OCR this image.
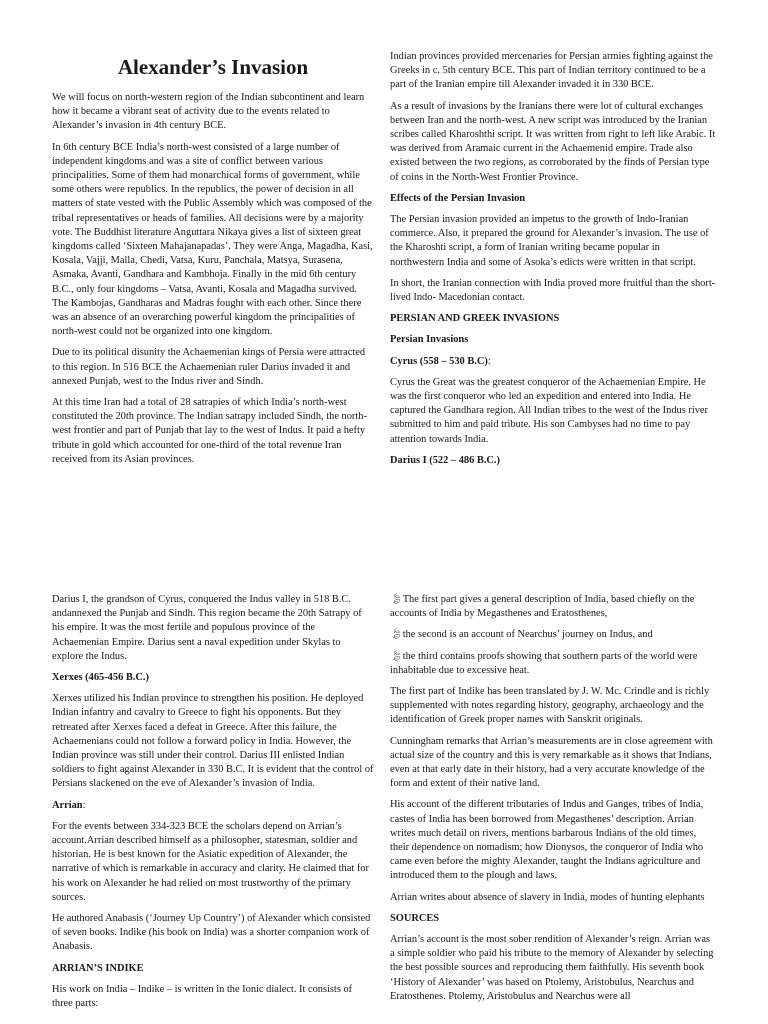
Alexander’s Invasion

We will focus on north-western region of the Indian subcontinent and learn how it became a vibrant seat of activity due to the events related to Alexander’s invasion in 4th century BCE.

In 6th century BCE India’s north-west consisted of a large number of independent kingdoms and was a site of conflict between various principalities. Some of them had monarchical forms of government, while some others were republics. In the republics, the power of decision in all matters of state vested with the Public Assembly which was composed of the tribal representatives or heads of families. All decisions were by a majority vote. The Buddhist literature Anguttara Nikaya gives a list of sixteen great kingdoms called ‘Sixteen Mahajanapadas’. They were Anga, Magadha, Kasi, Kosala, Vajji, Malla, Chedi, Vatsa, Kuru, Panchala, Matsya, Surasena, Asmaka, Avanti, Gandhara and Kambhoja. Finally in the mid 6th century B.C., only four kingdoms – Vatsa, Avanti, Kosala and Magadha survived. The Kambojas, Gandharas and Madras fought with each other. Since there was an absence of an overarching powerful kingdom the principalities of north-west could not be organized into one kingdom.

Due to its political disunity the Achaemenian kings of Persia were attracted to this region. In 516 BCE the Achaemenian ruler Darius invaded it and annexed Punjab, west to the Indus river and Sindh.

At this time Iran had a total of 28 satrapies of which India’s north-west constituted the 20th province. The Indian satrapy included Sindh, the north-west frontier and part of Punjab that lay to the west of Indus. It paid a hefty tribute in gold which accounted for one-third of the total revenue Iran received from its Asian provinces.

Indian provinces provided mercenaries for Persian armies fighting against the Greeks in c. 5th century BCE. This part of Indian territory continued to be a part of the Iranian empire till Alexander invaded it in 330 BCE.

As a result of invasions by the Iranians there were lot of cultural exchanges between Iran and the north-west. A new script was introduced by the Iranian scribes called Kharoshthi script. It was written from right to left like Arabic. It was derived from Aramaic current in the Achaemenid empire. Trade also existed between the two regions, as corroborated by the finds of Persian type of coins in the North-West Frontier Province.

Effects of the Persian Invasion

The Persian invasion provided an impetus to the growth of Indo-Iranian commerce. Also, it prepared the ground for Alexander’s invasion. The use of the Kharoshti script, a form of Iranian writing became popular in northwestern India and some of Asoka’s edicts were written in that script.

In short, the Iranian connection with India proved more fruitful than the short-lived Indo- Macedonian contact.

PERSIAN AND GREEK INVASIONS
Persian Invasions
Cyrus (558 – 530 B.C):

Cyrus the Great was the greatest conqueror of the Achaemenian Empire. He was the first conqueror who led an expedition and entered into India. He captured the Gandhara region. All Indian tribes to the west of the Indus river submitted to him and paid tribute. His son Cambyses had no time to pay attention towards India.

Darius I (522 – 486 B.C.)

Darius I, the grandson of Cyrus, conquered the Indus valley in 518 B.C. andannexed the Punjab and Sindh. This region became the 20th Satrapy of his empire. It was the most fertile and populous province of the Achaemenian Empire. Darius sent a naval expedition under Skylas to explore the Indus.

Xerxes (465-456 B.C.)

Xerxes utilized his Indian province to strengthen his position. He deployed Indian infantry and cavalry to Greece to fight his opponents. But they retreated after Xerxes faced a defeat in Greece. After this failure, the Achaemenians could not follow a forward policy in India. However, the Indian province was still under their control. Darius III enlisted Indian soldiers to fight against Alexander in 330 B.C. It is evident that the control of Persians slackened on the eve of Alexander’s invasion of India.

Arrian:

For the events between 334-323 BCE the scholars depend on Arrian’s account.Arrian described himself as a philosopher, statesman, soldier and historian. He is best known for the Asiatic expedition of Alexander, the narrative of which is remarkable in accuracy and clarity. He claimed that for his work on Alexander he had relied on most trustworthy of the primary sources.

He authored Anabasis (‘Journey Up Country’) of Alexander which consisted of seven books. Indike (his book on India) was a shorter companion work of Anabasis.

ARRIAN’S INDIKE

His work on India – Indike – is written in the Ionic dialect. It consists of three parts:

🍃︎The first part gives a general description of India, based chiefly on the accounts of India by Megasthenes and Eratosthenes,

🍃︎the second is an account of Nearchus’ journey on Indus, and

🍃︎the third contains proofs showing that southern parts of the world were inhabitable due to excessive heat.

The first part of Indike has been translated by J. W. Mc. Crindle and is richly supplemented with notes regarding history, geography, archaeology and the identification of Greek proper names with Sanskrit originals.

Cunningham remarks that Arrian’s measurements are in close agreement with actual size of the country and this is very remarkable as it shows that Indians, even at that early date in their history, had a very accurate knowledge of the form and extent of their native land.

His account of the different tributaries of Indus and Ganges, tribes of India, castes of India has been borrowed from Megasthenes’ description. Arrian writes much detail on rivers, mentions barbarous Indians of the old times, their dependence on nomadism; how Dionysos, the conqueror of India who came even before the mighty Alexander, taught the Indians agriculture and introduced them to the plough and laws.

Arrian writes about absence of slavery in India, modes of hunting elephants

SOURCES

Arrian’s account is the most sober rendition of Alexander’s reign. Arrian was a simple soldier who paid his tribute to the memory of Alexander by selecting the best possible sources and reproducing them faithfully. His seventh book ‘History of Alexander’ was based on Ptolemy, Aristobulus, Nearchus and Eratosthenes. Ptolemy, Aristobulus and Nearchus were all
